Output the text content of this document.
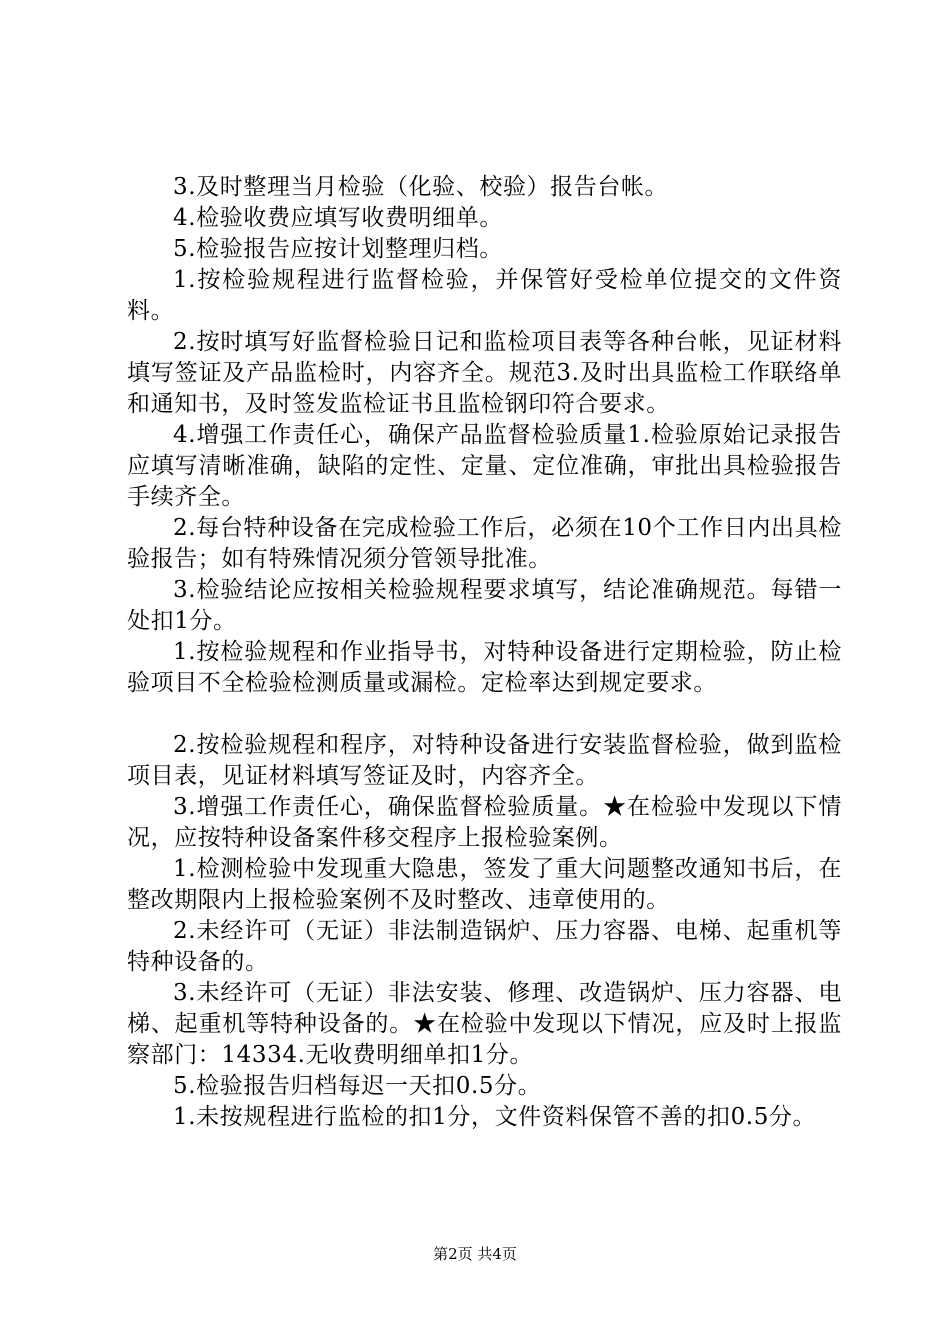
3.及时整理当月检验（化验、校验）报告台帐。

4.检验收费应填写收费明细单。

5.检验报告应按计划整理归档。

1.按检验规程进行监督检验，并保管好受检单位提交的文件资料。

2.按时填写好监督检验日记和监检项目表等各种台帐，见证材料填写签证及产品监检时，内容齐全。规范3.及时出具监检工作联络单和通知书，及时签发监检证书且监检钢印符合要求。

4.增强工作责任心，确保产品监督检验质量1.检验原始记录报告应填写清晰准确，缺陷的定性、定量、定位准确，审批出具检验报告手续齐全。

2.每台特种设备在完成检验工作后，必须在10个工作日内出具检验报告；如有特殊情况须分管领导批准。

3.检验结论应按相关检验规程要求填写，结论准确规范。每错一处扣1分。

1.按检验规程和作业指导书，对特种设备进行定期检验，防止检验项目不全检验检测质量或漏检。定检率达到规定要求。

2.按检验规程和程序，对特种设备进行安装监督检验，做到监检项目表，见证材料填写签证及时，内容齐全。

3.增强工作责任心，确保监督检验质量。★在检验中发现以下情况，应按特种设备案件移交程序上报检验案例。

1.检测检验中发现重大隐患，签发了重大问题整改通知书后，在整改期限内上报检验案例不及时整改、违章使用的。

2.未经许可（无证）非法制造锅炉、压力容器、电梯、起重机等特种设备的。

3.未经许可（无证）非法安装、修理、改造锅炉、压力容器、电梯、起重机等特种设备的。★在检验中发现以下情况，应及时上报监察部门：14334.无收费明细单扣1分。

5.检验报告归档每迟一天扣0.5分。

1.未按规程进行监检的扣1分，文件资料保管不善的扣0.5分。

第2页 共4页
